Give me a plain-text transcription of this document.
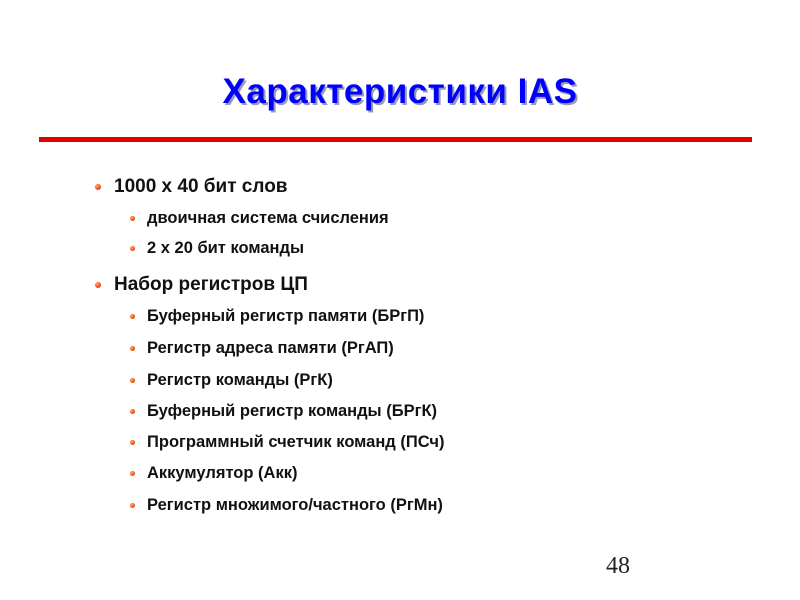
Характеристики IAS
1000 x 40 бит слов
двоичная система счисления
2 x 20 бит команды
Набор регистров ЦП
Буферный регистр памяти (БРгП)
Регистр адреса памяти (РгАП)
Регистр команды (РгК)
Буферный регистр команды (БРгК)
Программный счетчик команд (ПСч)
Аккумулятор (Акк)
Регистр множимого/частного (РгМн)
48
